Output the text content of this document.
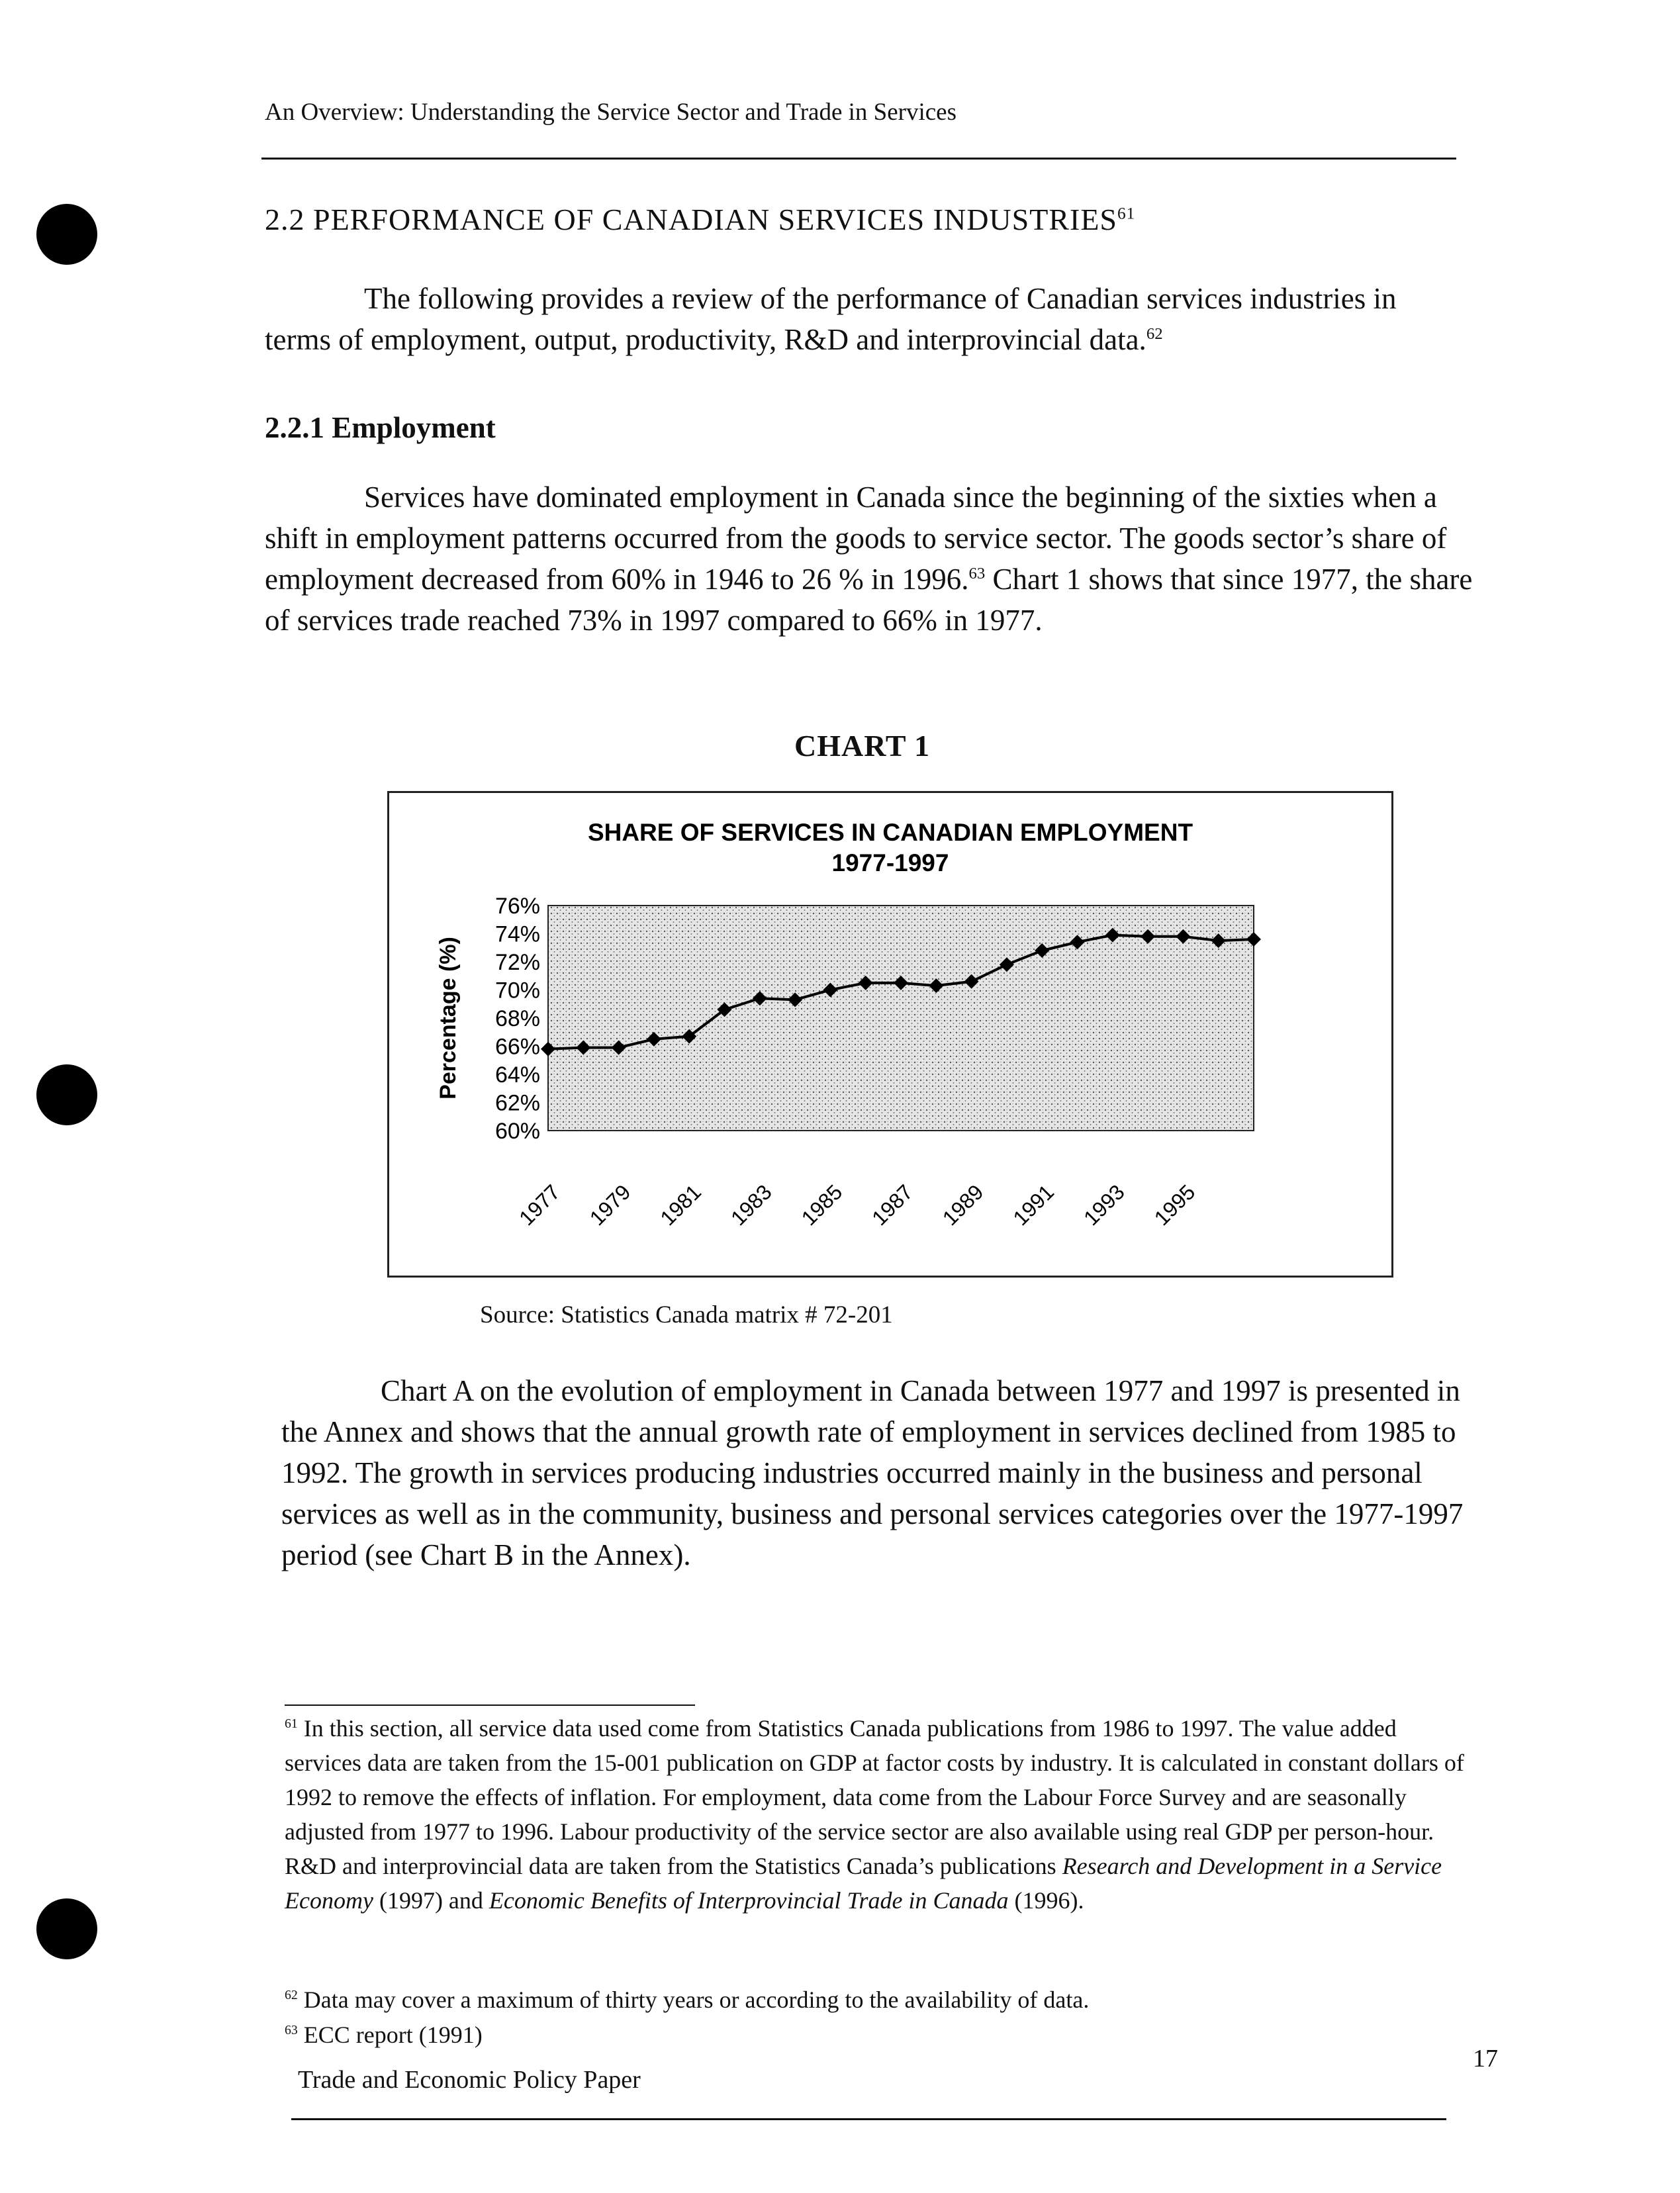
An Overview: Understanding the Service Sector and Trade in Services
2.2 PERFORMANCE OF CANADIAN SERVICES INDUSTRIES$^{61}$
The following provides a review of the performance of Canadian services industries in terms of employment, output, productivity, R&D and interprovincial data.$^{62}$
2.2.1 Employment
Services have dominated employment in Canada since the beginning of the sixties when a shift in employment patterns occurred from the goods to service sector. The goods sector’s share of employment decreased from 60% in 1946 to 26 % in 1996.63 Chart 1 shows that since 1977, the share of services trade reached 73% in 1997 compared to 66% in 1977.
CHART 1
SHARE OF SERVICES IN CANADIAN EMPLOYMENT
1977-1997
Percentage (%)
76%
74%
72%
70%
68%
66%
64%
62%
60%
1977 1979 1981 1983 1985 1987 1989 1991 1993 1995
Source: Statistics Canada matrix # 72-201
Chart A on the evolution of employment in Canada between 1977 and 1997 is presented in the Annex and shows that the annual growth rate of employment in services declined from 1985 to 1992. The growth in services producing industries occurred mainly in the business and personal services as well as in the community, business and personal services categories over the 1977-1997 period (see Chart B in the Annex).
$^{61}$ In this section, all service data used come from Statistics Canada publications from 1986 to 1997. The value added services data are taken from the 15-001 publication on GDP at factor costs by industry. It is calculated in constant dollars of 1992 to remove the effects of inflation. For employment, data come from the Labour Force Survey and are seasonally adjusted from 1977 to 1996. Labour productivity of the service sector are also available using real GDP per person-hour. R&D and interprovincial data are taken from the Statistics Canada’s publications Research and Development in a Service Economy (1997) and Economic Benefits of Interprovincial Trade in Canada (1996).
$^{62}$ Data may cover a maximum of thirty years or according to the availability of data.
$^{63}$ ECC report (1991)
17
Trade and Economic Policy Paper
